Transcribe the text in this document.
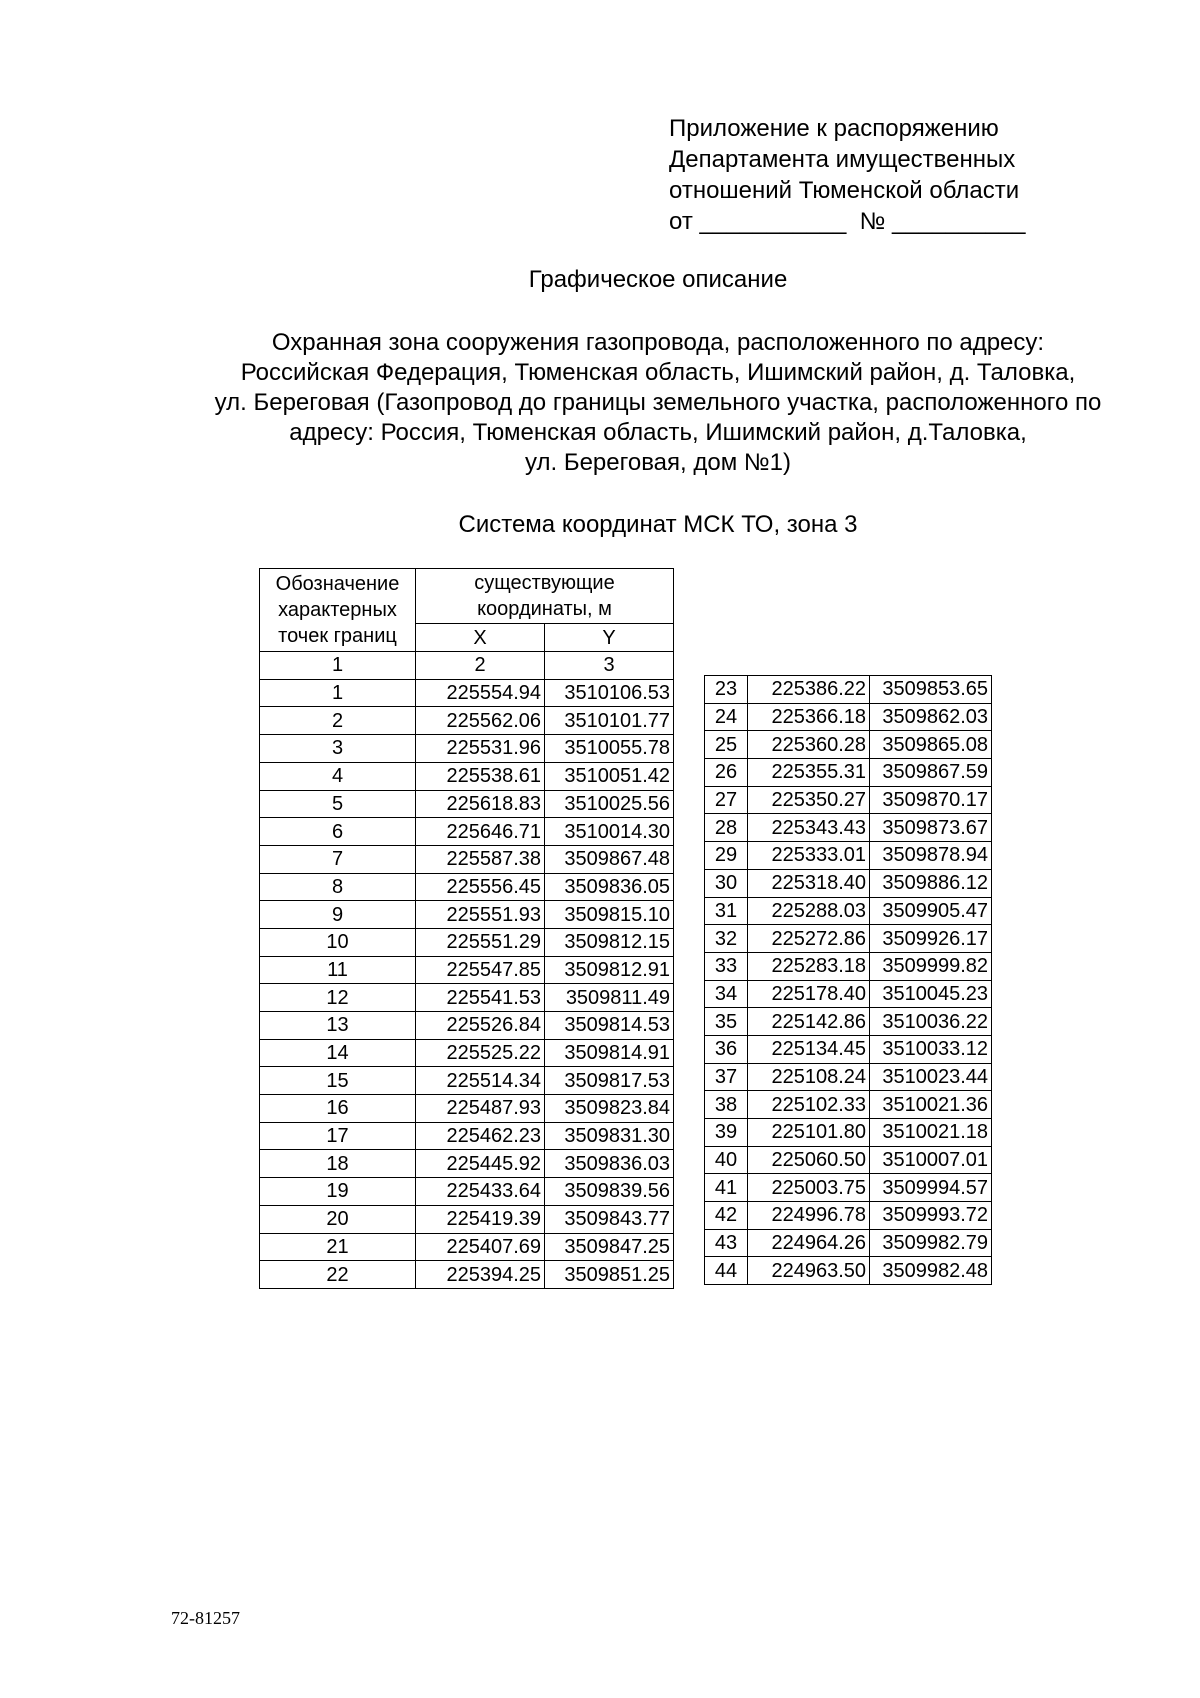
Приложение к распоряжению
Департамента имущественных
отношений Тюменской области
от ___________  № __________
Графическое описание
Охранная зона сооружения газопровода, расположенного по адресу:
Российская Федерация, Тюменская область, Ишимский район, д. Таловка,
ул. Береговая (Газопровод до границы земельного участка, расположенного по
адресу: Россия, Тюменская область, Ишимский район, д.Таловка,
ул. Береговая, дом №1)
Система координат МСК ТО, зона 3
Обозначение характерных точек границ	существующие координаты, м	

	X	Y
1	2	3
1	225554.94	3510106.53
2	225562.06	3510101.77
3	225531.96	3510055.78
4	225538.61	3510051.42
5	225618.83	3510025.56
6	225646.71	3510014.30
7	225587.38	3509867.48
8	225556.45	3509836.05
9	225551.93	3509815.10
10	225551.29	3509812.15
11	225547.85	3509812.91
12	225541.53	3509811.49
13	225526.84	3509814.53
14	225525.22	3509814.91
15	225514.34	3509817.53
16	225487.93	3509823.84
17	225462.23	3509831.30
18	225445.92	3509836.03
19	225433.64	3509839.56
20	225419.39	3509843.77
21	225407.69	3509847.25
22	225394.25	3509851.25
23	225386.22	3509853.65
24	225366.18	3509862.03
25	225360.28	3509865.08
26	225355.31	3509867.59
27	225350.27	3509870.17
28	225343.43	3509873.67
29	225333.01	3509878.94
30	225318.40	3509886.12
31	225288.03	3509905.47
32	225272.86	3509926.17
33	225283.18	3509999.82
34	225178.40	3510045.23
35	225142.86	3510036.22
36	225134.45	3510033.12
37	225108.24	3510023.44
38	225102.33	3510021.36
39	225101.80	3510021.18
40	225060.50	3510007.01
41	225003.75	3509994.57
42	224996.78	3509993.72
43	224964.26	3509982.79
44	224963.50	3509982.48
72-81257
